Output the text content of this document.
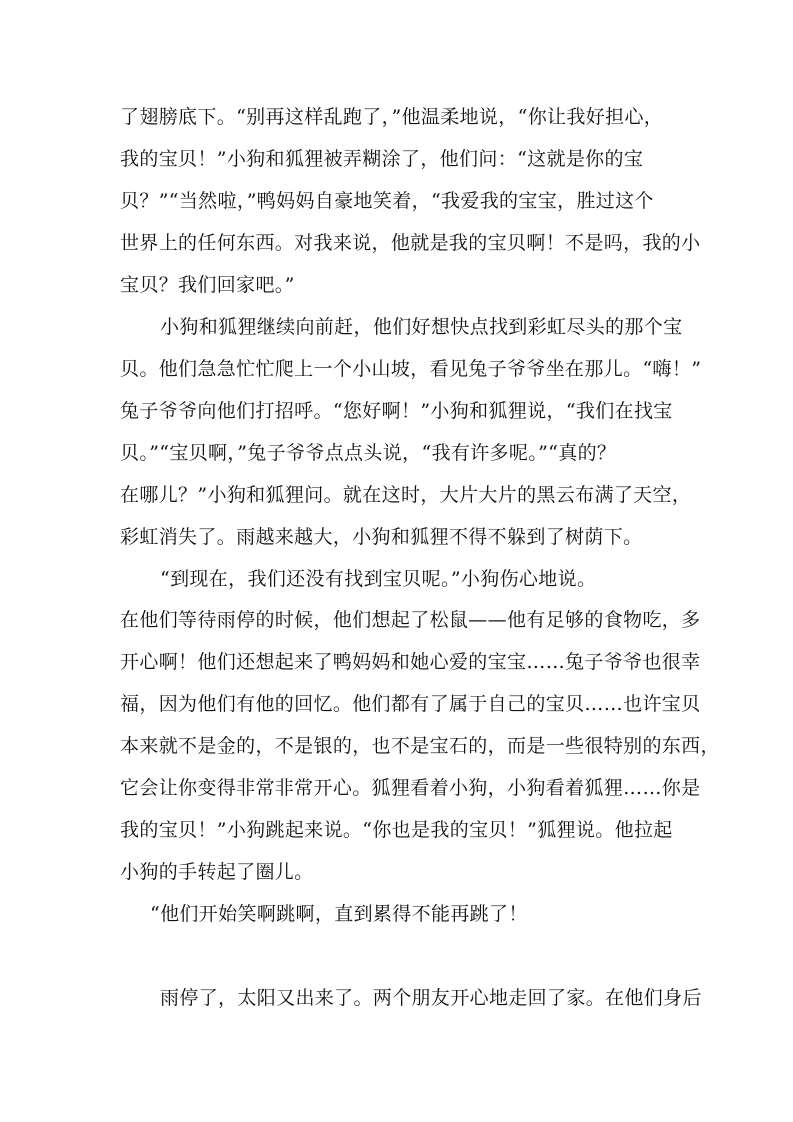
了翅膀底下。“别再这样乱跑了，”他温柔地说，“你让我好担心，
我的宝贝！”小狗和狐狸被弄糊涂了，他们问：“这就是你的宝
贝？”“当然啦，”鸭妈妈自豪地笑着，“我爱我的宝宝，胜过这个
世界上的任何东西。对我来说，他就是我的宝贝啊！不是吗，我的小
宝贝？我们回家吧。”
小狗和狐狸继续向前赶，他们好想快点找到彩虹尽头的那个宝
贝。他们急急忙忙爬上一个小山坡，看见兔子爷爷坐在那儿。“嗨！”
兔子爷爷向他们打招呼。“您好啊！”小狗和狐狸说，“我们在找宝
贝。”“宝贝啊，”兔子爷爷点点头说，“我有许多呢。”“真的？
在哪儿？”小狗和狐狸问。就在这时，大片大片的黑云布满了天空，
彩虹消失了。雨越来越大，小狗和狐狸不得不躲到了树荫下。
“到现在，我们还没有找到宝贝呢。”小狗伤心地说。
在他们等待雨停的时候，他们想起了松鼠——他有足够的食物吃，多
开心啊！他们还想起来了鸭妈妈和她心爱的宝宝……兔子爷爷也很幸
福，因为他们有他的回忆。他们都有了属于自己的宝贝……也许宝贝
本来就不是金的，不是银的，也不是宝石的，而是一些很特别的东西，
它会让你变得非常非常开心。狐狸看着小狗，小狗看着狐狸……你是
我的宝贝！”小狗跳起来说。“你也是我的宝贝！”狐狸说。他拉起
小狗的手转起了圈儿。
“他们开始笑啊跳啊，直到累得不能再跳了！
雨停了，太阳又出来了。两个朋友开心地走回了家。在他们身后
